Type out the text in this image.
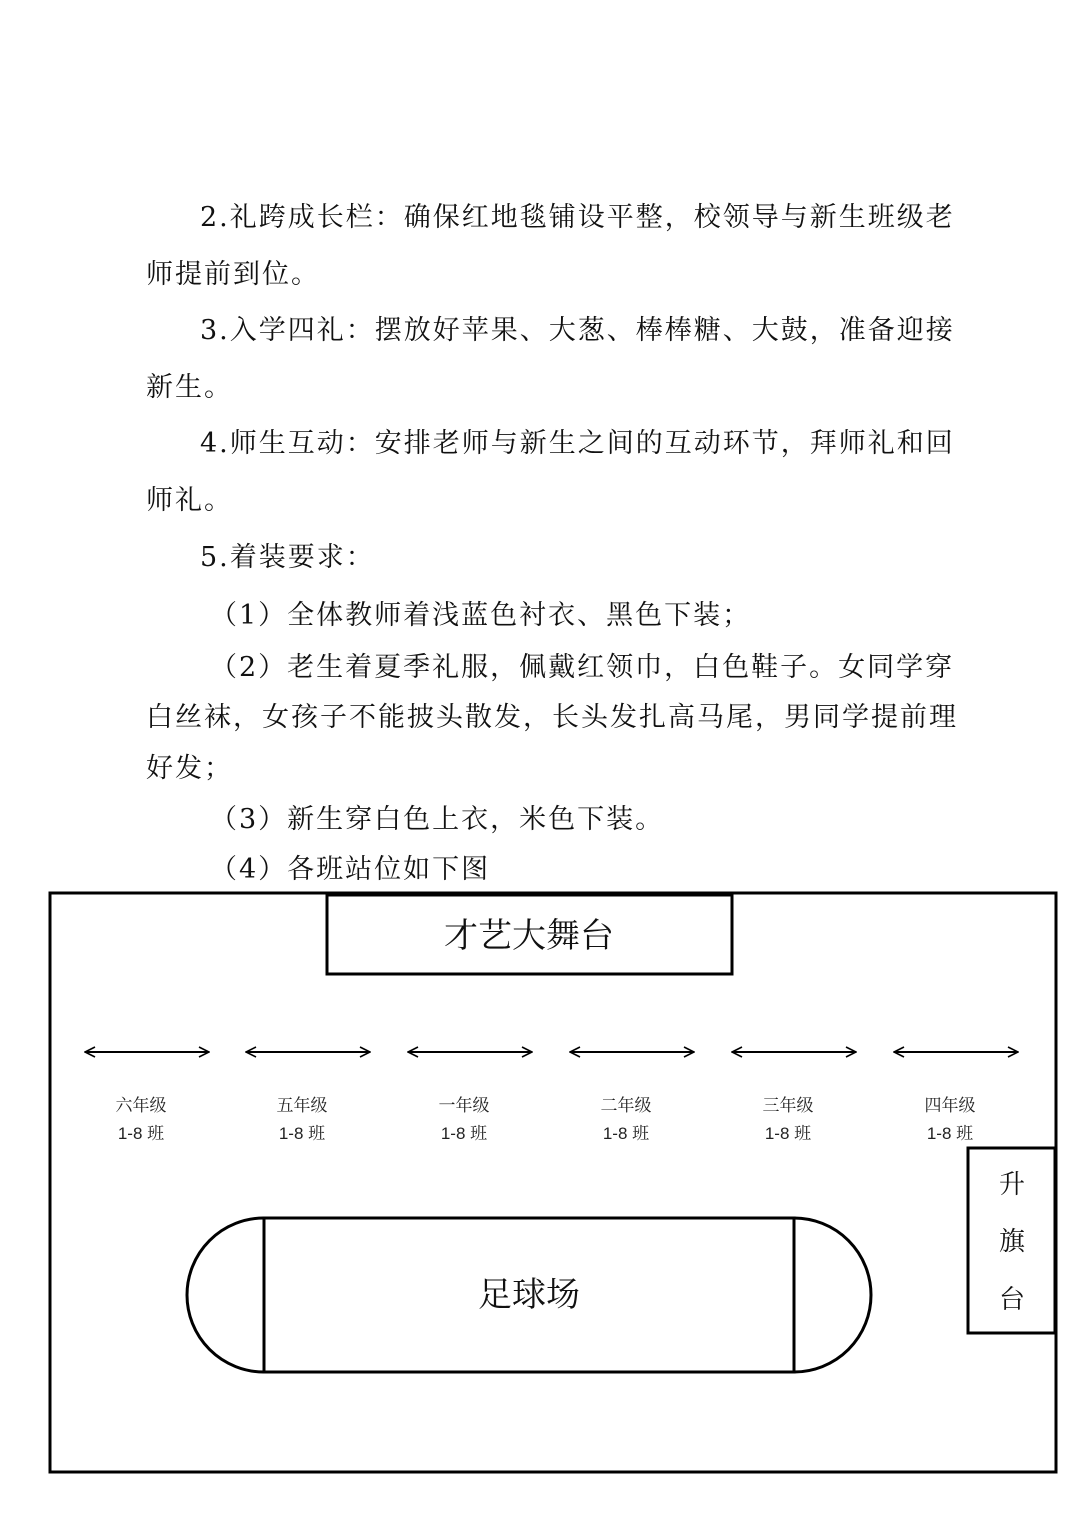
2.礼跨成长栏：确保红地毯铺设平整，校领导与新生班级老

师提前到位。

3.入学四礼：摆放好苹果、大葱、棒棒糖、大鼓，准备迎接

新生。

4.师生互动：安排老师与新生之间的互动环节，拜师礼和回

师礼。

5.着装要求：

（1）全体教师着浅蓝色衬衣、黑色下装；

（2）老生着夏季礼服，佩戴红领巾，白色鞋子。女同学穿

白丝袜，女孩子不能披头散发，长头发扎高马尾，男同学提前理

好发；

（3）新生穿白色上衣，米色下装。

（4）各班站位如下图

才艺大舞台
六年级
1-8 班
五年级
1-8 班
一年级
1-8 班
二年级
1-8 班
三年级
1-8 班
四年级
1-8 班
升
旗
台
足球场
